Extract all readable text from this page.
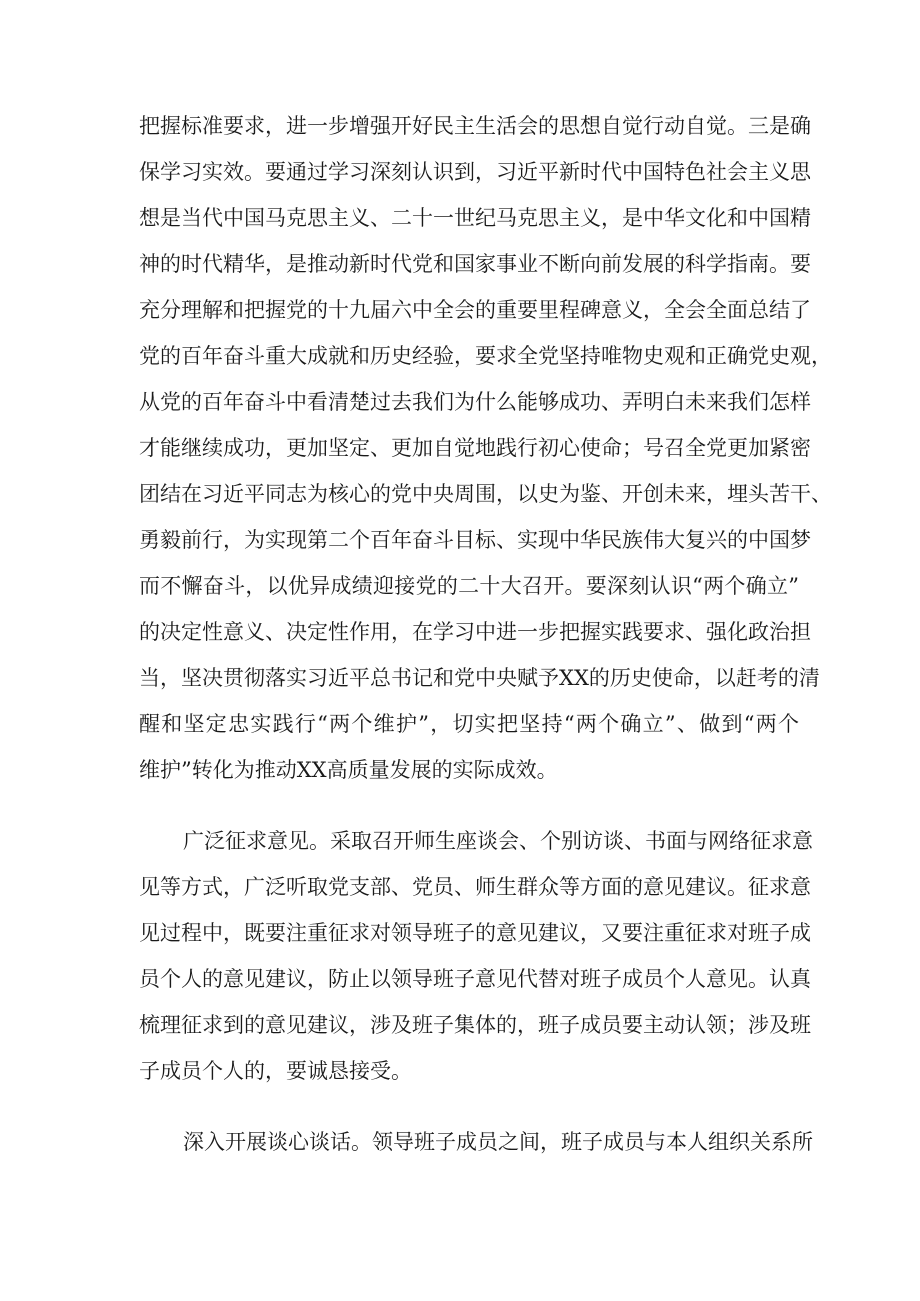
把握标准要求，进一步增强开好民主生活会的思想自觉行动自觉。三是确
保学习实效。要通过学习深刻认识到，习近平新时代中国特色社会主义思
想是当代中国马克思主义、二十一世纪马克思主义，是中华文化和中国精
神的时代精华，是推动新时代党和国家事业不断向前发展的科学指南。要
充分理解和把握党的十九届六中全会的重要里程碑意义，全会全面总结了
党的百年奋斗重大成就和历史经验，要求全党坚持唯物史观和正确党史观，
从党的百年奋斗中看清楚过去我们为什么能够成功、弄明白未来我们怎样
才能继续成功，更加坚定、更加自觉地践行初心使命；号召全党更加紧密
团结在习近平同志为核心的党中央周围，以史为鉴、开创未来，埋头苦干、
勇毅前行，为实现第二个百年奋斗目标、实现中华民族伟大复兴的中国梦
而不懈奋斗，以优异成绩迎接党的二十大召开。要深刻认识“两个确立”
的决定性意义、决定性作用，在学习中进一步把握实践要求、强化政治担
当，坚决贯彻落实习近平总书记和党中央赋予XX的历史使命，以赶考的清
醒和坚定忠实践行“两个维护”，切实把坚持“两个确立”、做到“两个
维护”转化为推动XX高质量发展的实际成效。
广泛征求意见。采取召开师生座谈会、个别访谈、书面与网络征求意
见等方式，广泛听取党支部、党员、师生群众等方面的意见建议。征求意
见过程中，既要注重征求对领导班子的意见建议，又要注重征求对班子成
员个人的意见建议，防止以领导班子意见代替对班子成员个人意见。认真
梳理征求到的意见建议，涉及班子集体的，班子成员要主动认领；涉及班
子成员个人的，要诚恳接受。
深入开展谈心谈话。领导班子成员之间，班子成员与本人组织关系所
